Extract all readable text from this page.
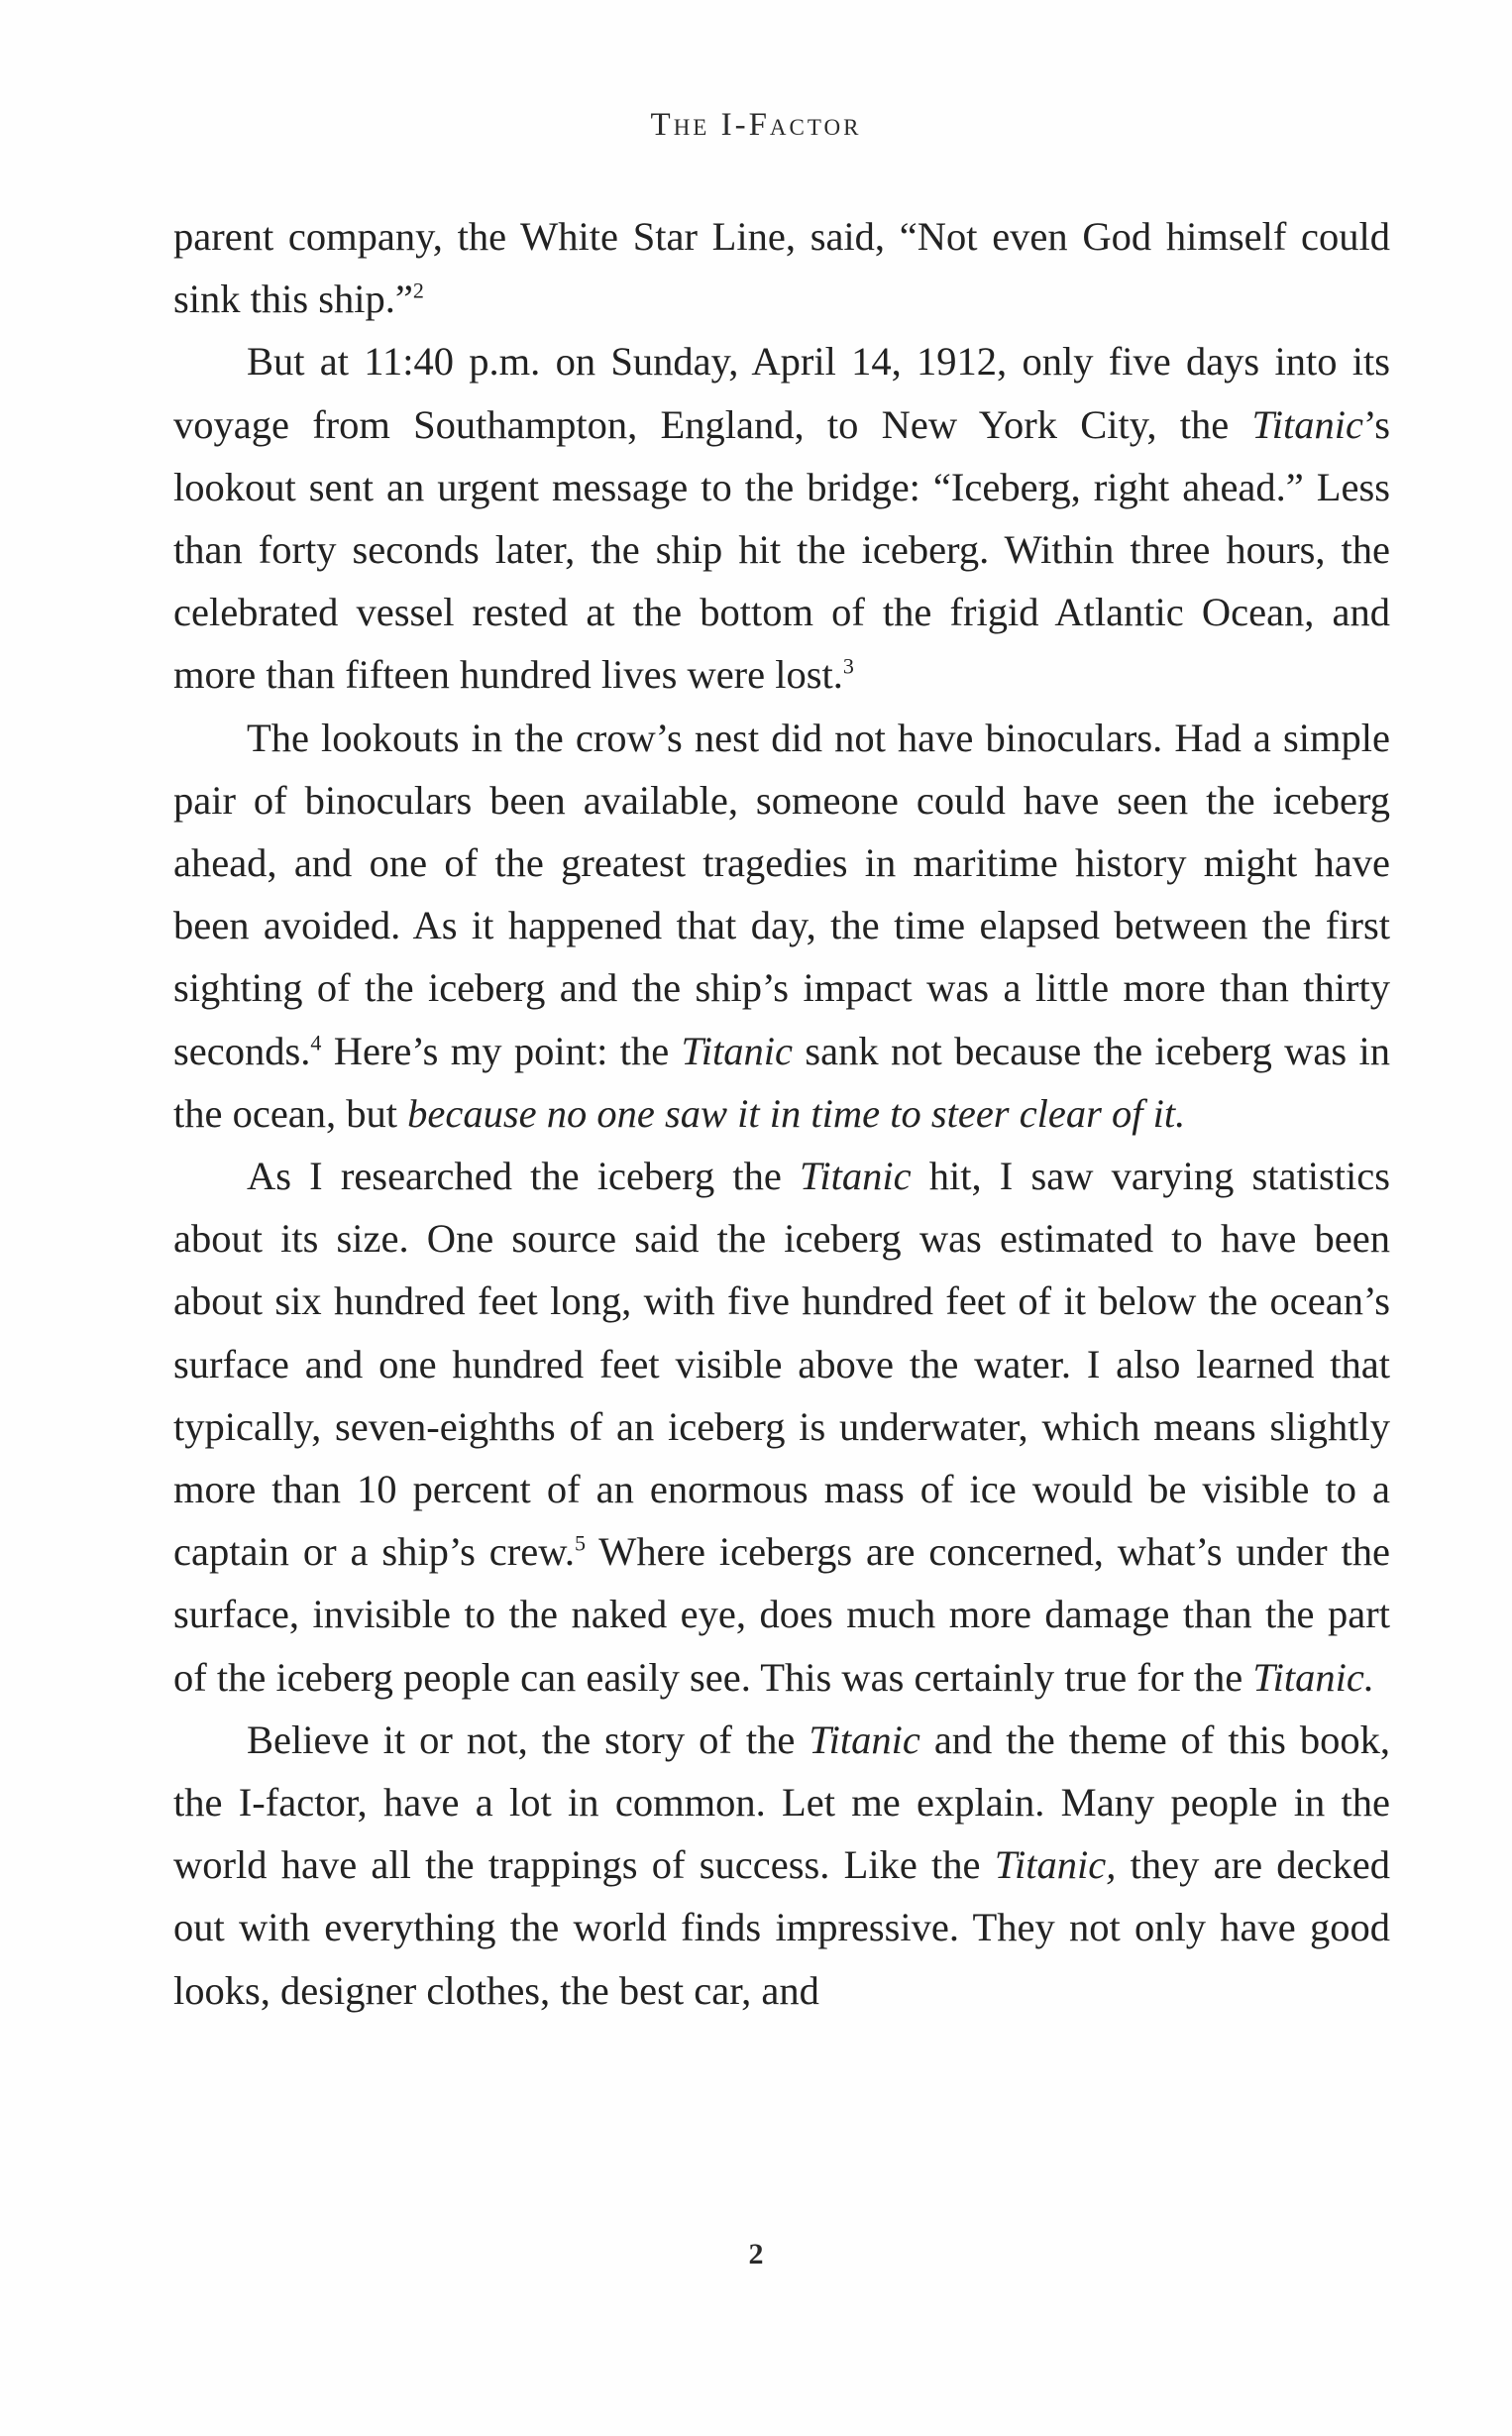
The I-Factor

parent company, the White Star Line, said, “Not even God himself could sink this ship.”$^2$

But at 11:40 p.m. on Sunday, April 14, 1912, only five days into its voyage from Southampton, England, to New York City, the Titanic’s lookout sent an urgent message to the bridge: “Iceberg, right ahead.” Less than forty seconds later, the ship hit the iceberg. Within three hours, the celebrated vessel rested at the bottom of the frigid Atlantic Ocean, and more than fifteen hundred lives were lost.$^3$

The lookouts in the crow’s nest did not have binoculars. Had a simple pair of binoculars been available, someone could have seen the iceberg ahead, and one of the greatest tragedies in maritime history might have been avoided. As it happened that day, the time elapsed between the first sighting of the iceberg and the ship’s impact was a little more than thirty seconds.$^4$ Here’s my point: the Titanic sank not because the iceberg was in the ocean, but because no one saw it in time to steer clear of it.

As I researched the iceberg the Titanic hit, I saw varying statistics about its size. One source said the iceberg was estimated to have been about six hundred feet long, with five hundred feet of it below the ocean’s surface and one hundred feet visible above the water. I also learned that typically, seven-eighths of an iceberg is underwater, which means slightly more than 10 percent of an enormous mass of ice would be visible to a captain or a ship’s crew.$^5$ Where icebergs are concerned, what’s under the surface, invisible to the naked eye, does much more damage than the part of the iceberg people can easily see. This was certainly true for the Titanic.

Believe it or not, the story of the Titanic and the theme of this book, the I-factor, have a lot in common. Let me explain. Many people in the world have all the trappings of success. Like the Titanic, they are decked out with everything the world finds impressive. They not only have good looks, designer clothes, the best car, and

2
